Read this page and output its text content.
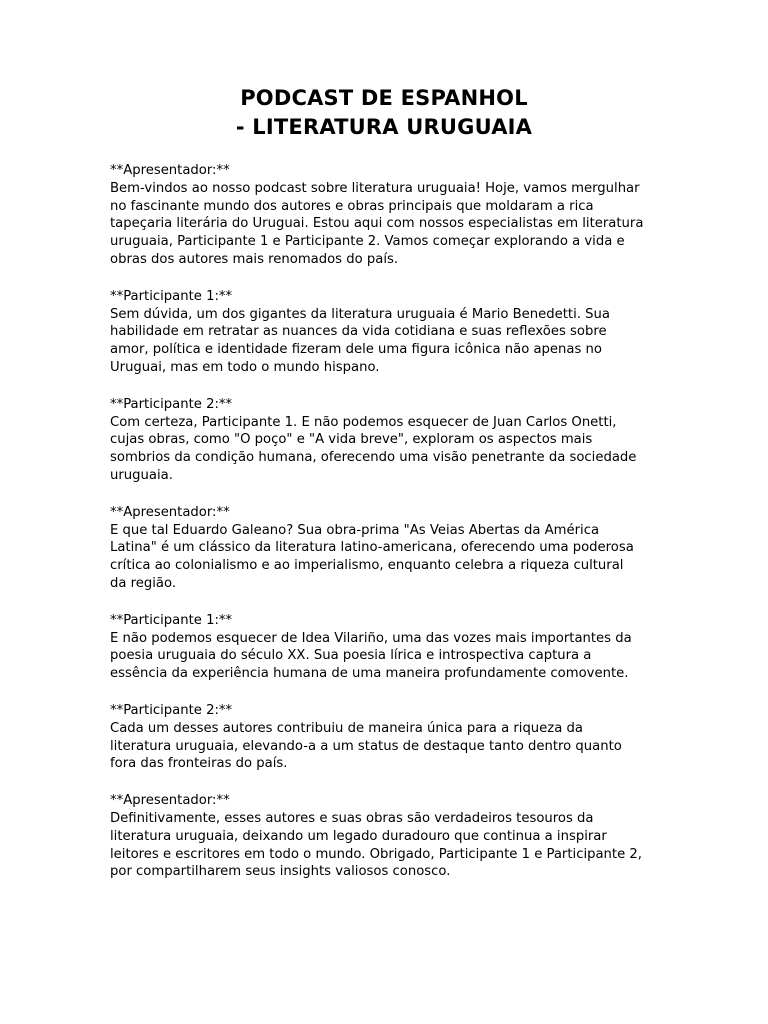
PODCAST DE ESPANHOL
- LITERATURA URUGUAIA
**Apresentador:**
Bem-vindos ao nosso podcast sobre literatura uruguaia! Hoje, vamos mergulhar
no fascinante mundo dos autores e obras principais que moldaram a rica
tapeçaria literária do Uruguai. Estou aqui com nossos especialistas em literatura
uruguaia, Participante 1 e Participante 2. Vamos começar explorando a vida e
obras dos autores mais renomados do país.
**Participante 1:**
Sem dúvida, um dos gigantes da literatura uruguaia é Mario Benedetti. Sua
habilidade em retratar as nuances da vida cotidiana e suas reflexões sobre
amor, política e identidade fizeram dele uma figura icônica não apenas no
Uruguai, mas em todo o mundo hispano.
**Participante 2:**
Com certeza, Participante 1. E não podemos esquecer de Juan Carlos Onetti,
cujas obras, como "O poço" e "A vida breve", exploram os aspectos mais
sombrios da condição humana, oferecendo uma visão penetrante da sociedade
uruguaia.
**Apresentador:**
E que tal Eduardo Galeano? Sua obra-prima "As Veias Abertas da América
Latina" é um clássico da literatura latino-americana, oferecendo uma poderosa
crítica ao colonialismo e ao imperialismo, enquanto celebra a riqueza cultural
da região.
**Participante 1:**
E não podemos esquecer de Idea Vilariño, uma das vozes mais importantes da
poesia uruguaia do século XX. Sua poesia lírica e introspectiva captura a
essência da experiência humana de uma maneira profundamente comovente.
**Participante 2:**
Cada um desses autores contribuiu de maneira única para a riqueza da
literatura uruguaia, elevando-a a um status de destaque tanto dentro quanto
fora das fronteiras do país.
**Apresentador:**
Definitivamente, esses autores e suas obras são verdadeiros tesouros da
literatura uruguaia, deixando um legado duradouro que continua a inspirar
leitores e escritores em todo o mundo. Obrigado, Participante 1 e Participante 2,
por compartilharem seus insights valiosos conosco.
